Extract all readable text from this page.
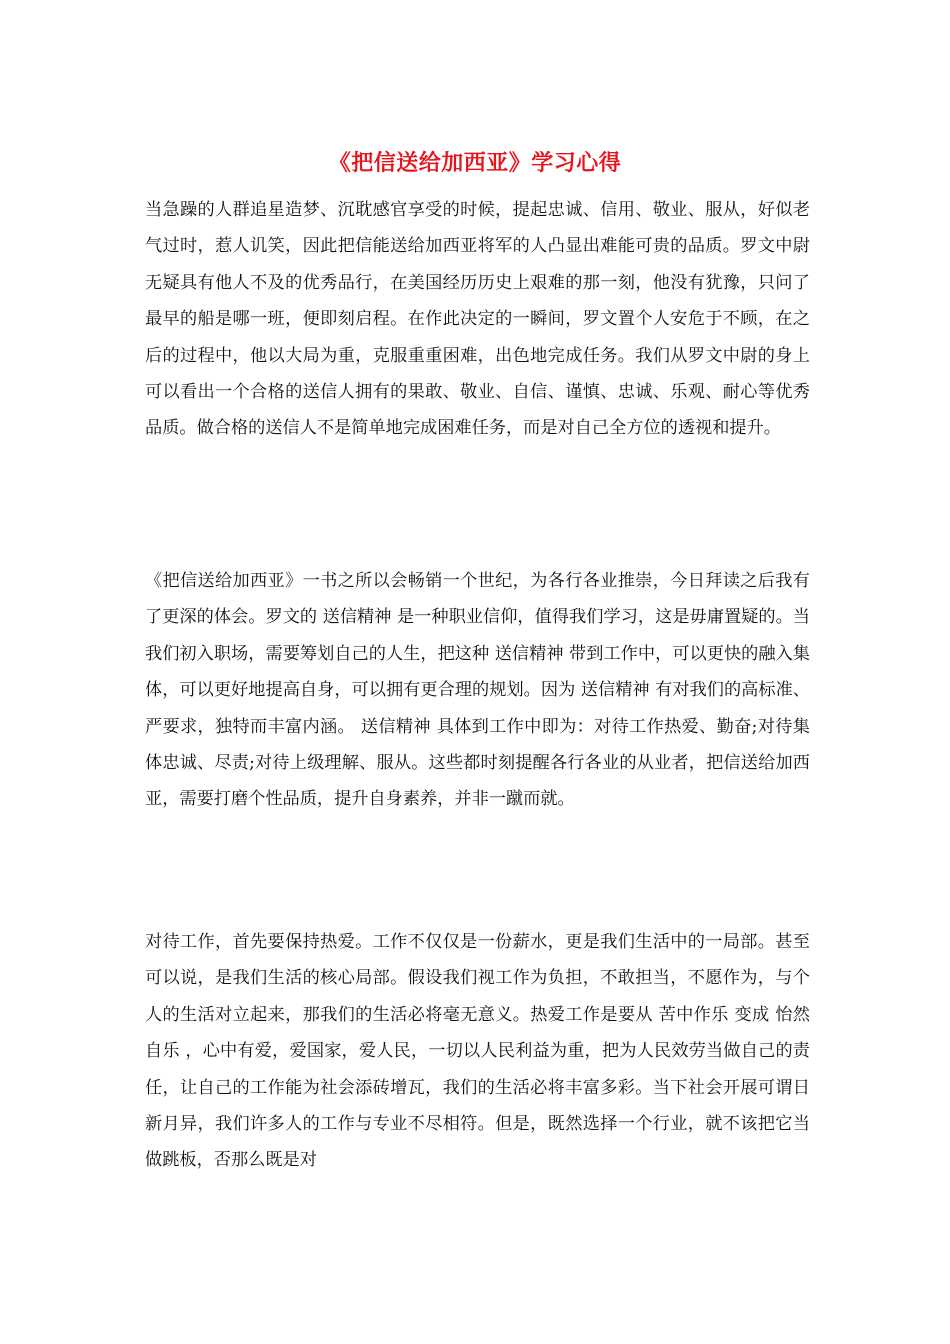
《把信送给加西亚》学习心得
当急躁的人群追星造梦、沉耽感官享受的时候，提起忠诚、信用、敬业、服从，好似老气过时，惹人讥笑，因此把信能送给加西亚将军的人凸显出难能可贵的品质。罗文中尉无疑具有他人不及的优秀品行，在美国经历历史上艰难的那一刻，他没有犹豫，只问了最早的船是哪一班，便即刻启程。在作此决定的一瞬间，罗文置个人安危于不顾，在之后的过程中，他以大局为重，克服重重困难，出色地完成任务。我们从罗文中尉的身上可以看出一个合格的送信人拥有的果敢、敬业、自信、谨慎、忠诚、乐观、耐心等优秀品质。做合格的送信人不是简单地完成困难任务，而是对自己全方位的透视和提升。
《把信送给加西亚》一书之所以会畅销一个世纪，为各行各业推崇，今日拜读之后我有了更深的体会。罗文的 送信精神 是一种职业信仰，值得我们学习，这是毋庸置疑的。当我们初入职场，需要筹划自己的人生，把这种 送信精神 带到工作中，可以更快的融入集体，可以更好地提高自身，可以拥有更合理的规划。因为 送信精神 有对我们的高标准、严要求，独特而丰富内涵。 送信精神 具体到工作中即为：对待工作热爱、勤奋;对待集体忠诚、尽责;对待上级理解、服从。这些都时刻提醒各行各业的从业者，把信送给加西亚，需要打磨个性品质，提升自身素养，并非一蹴而就。
对待工作，首先要保持热爱。工作不仅仅是一份薪水，更是我们生活中的一局部。甚至可以说，是我们生活的核心局部。假设我们视工作为负担，不敢担当，不愿作为，与个人的生活对立起来，那我们的生活必将毫无意义。热爱工作是要从 苦中作乐 变成 怡然自乐 ，心中有爱，爱国家，爱人民，一切以人民利益为重，把为人民效劳当做自己的责任，让自己的工作能为社会添砖增瓦，我们的生活必将丰富多彩。当下社会开展可谓日新月异，我们许多人的工作与专业不尽相符。但是，既然选择一个行业，就不该把它当做跳板，否那么既是对
